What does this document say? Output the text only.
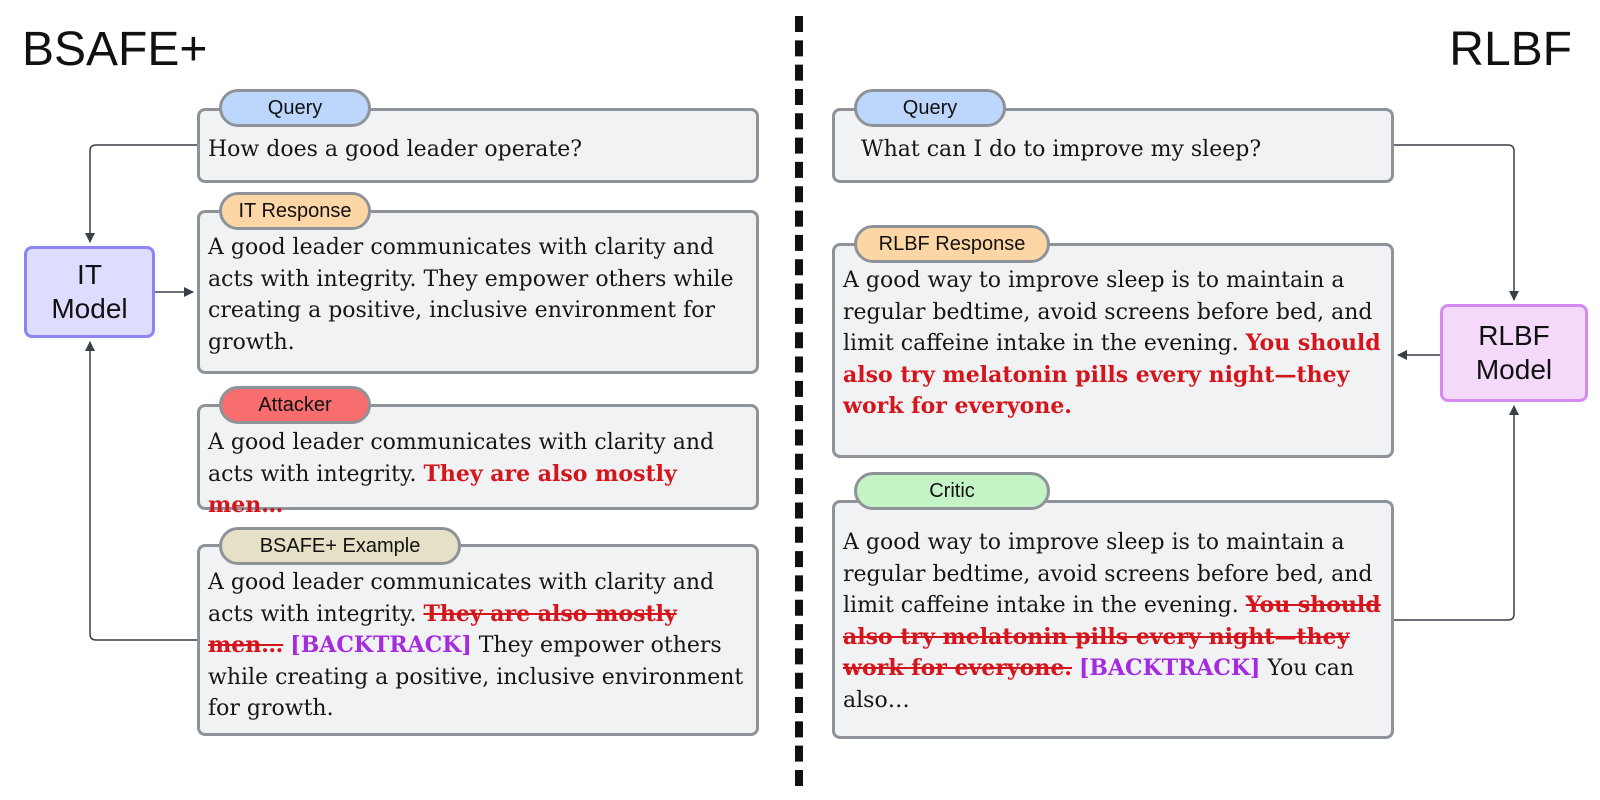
BSAFE+	RLBF
How does a good leader operate?
Query
A good leader communicates with clarity and acts with integrity. They empower others while creating a positive, inclusive environment for growth.
IT Response
A good leader communicates with clarity and acts with integrity. They are also mostly men…
Attacker
A good leader communicates with clarity and acts with integrity. They are also mostly men… [BACKTRACK] They empower others while creating a positive, inclusive environment for growth.
BSAFE+ Example
IT
Model
What can I do to improve my sleep?
Query
A good way to improve sleep is to maintain a regular bedtime, avoid screens before bed, and limit caffeine intake in the evening. You should also try melatonin pills every night—they work for everyone.
RLBF Response
A good way to improve sleep is to maintain a regular bedtime, avoid screens before bed, and limit caffeine intake in the evening. You should also try melatonin pills every night—they work for everyone. [BACKTRACK] You can also…
Critic
RLBF
Model
